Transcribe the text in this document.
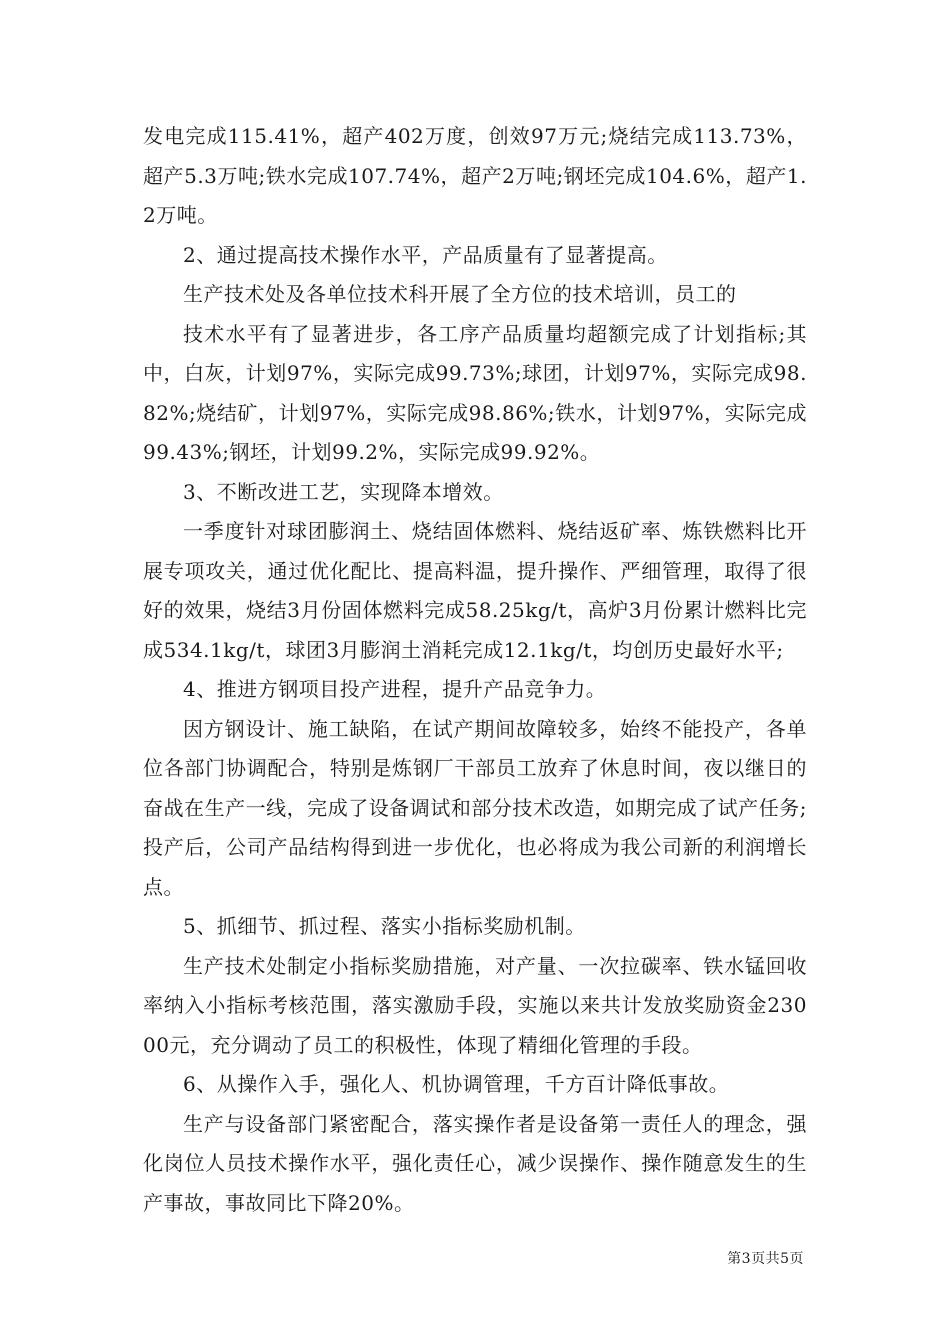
发电完成115.41%，超产402万度，创效97万元;烧结完成113.73%，超产5.3万吨;铁水完成107.74%，超产2万吨;钢坯完成104.6%，超产1.2万吨。

2、通过提高技术操作水平，产品质量有了显著提高。

生产技术处及各单位技术科开展了全方位的技术培训，员工的

技术水平有了显著进步，各工序产品质量均超额完成了计划指标;其中，白灰，计划97%，实际完成99.73%;球团，计划97%，实际完成98.82%;烧结矿，计划97%，实际完成98.86%;铁水，计划97%，实际完成99.43%;钢坯，计划99.2%，实际完成99.92%。

3、不断改进工艺，实现降本增效。

一季度针对球团膨润土、烧结固体燃料、烧结返矿率、炼铁燃料比开展专项攻关，通过优化配比、提高料温，提升操作、严细管理，取得了很好的效果，烧结3月份固体燃料完成58.25kg/t，高炉3月份累计燃料比完成534.1kg/t，球团3月膨润土消耗完成12.1kg/t，均创历史最好水平;

4、推进方钢项目投产进程，提升产品竞争力。

因方钢设计、施工缺陷，在试产期间故障较多，始终不能投产，各单位各部门协调配合，特别是炼钢厂干部员工放弃了休息时间，夜以继日的奋战在生产一线，完成了设备调试和部分技术改造，如期完成了试产任务;投产后，公司产品结构得到进一步优化，也必将成为我公司新的利润增长点。

5、抓细节、抓过程、落实小指标奖励机制。

生产技术处制定小指标奖励措施，对产量、一次拉碳率、铁水锰回收率纳入小指标考核范围，落实激励手段，实施以来共计发放奖励资金23000元，充分调动了员工的积极性，体现了精细化管理的手段。

6、从操作入手，强化人、机协调管理，千方百计降低事故。

生产与设备部门紧密配合，落实操作者是设备第一责任人的理念，强化岗位人员技术操作水平，强化责任心，减少误操作、操作随意发生的生产事故，事故同比下降20%。

第3页共5页
